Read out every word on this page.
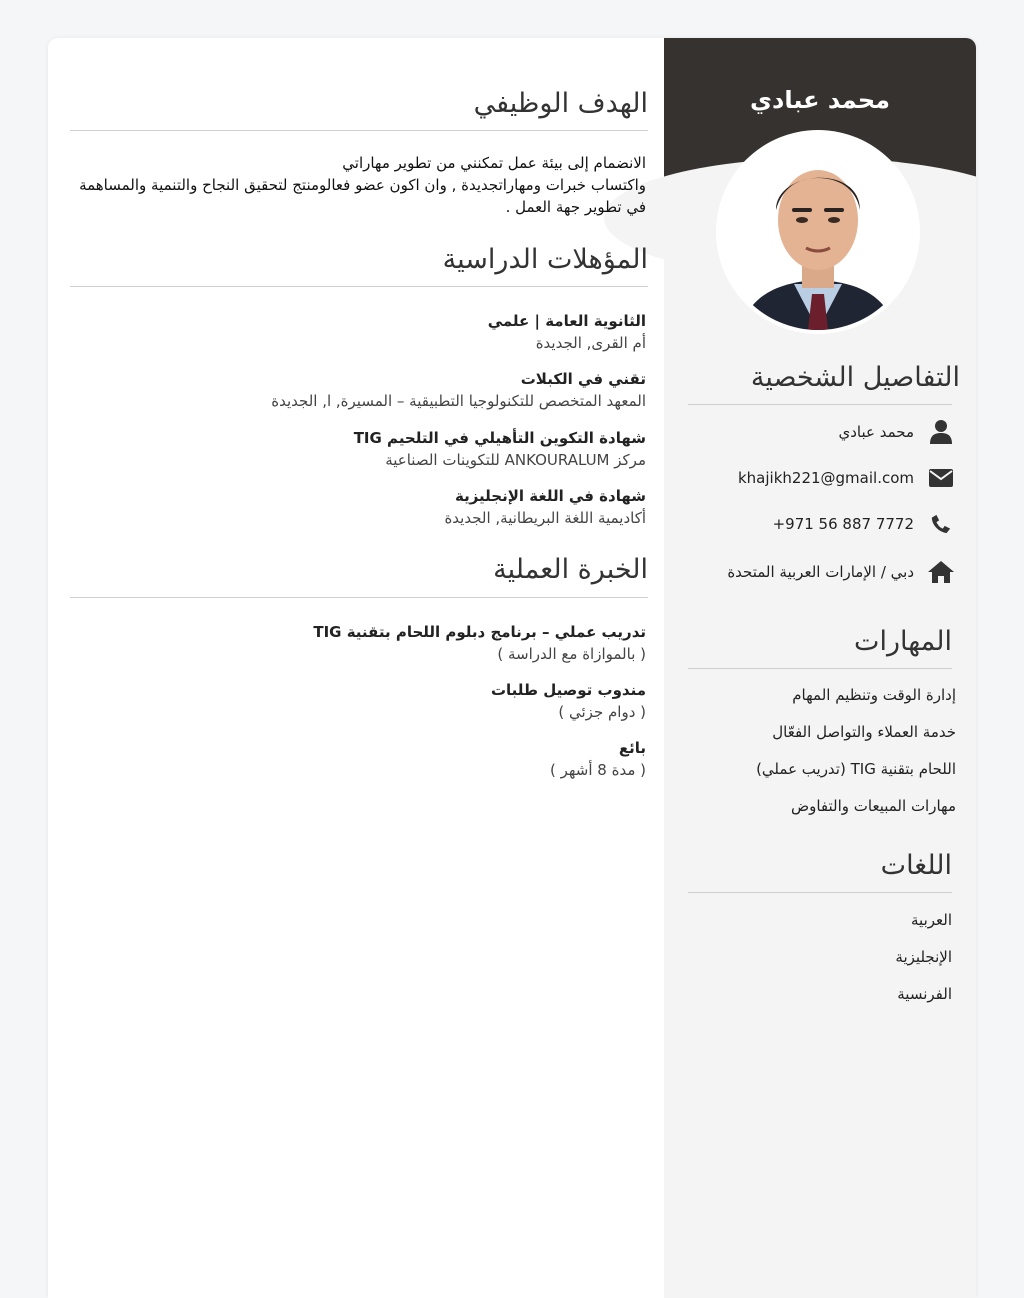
محمد عبادي
التفاصيل الشخصية
محمد عبادي
khajikh221@gmail.com
+971 56 887 7772
دبي / الإمارات العربية المتحدة
المهارات
إدارة الوقت وتنظيم المهام
خدمة العملاء والتواصل الفعّال
اللحام بتقنية TIG (تدريب عملي)
مهارات المبيعات والتفاوض
اللغات
العربية
الإنجليزية
الفرنسية
الهدف الوظيفي
الانضمام إلى بيئة عمل تمكنني من تطوير مهاراتي
واكتساب خبرات ومهاراتجديدة , وان اكون عضو فعالومنتج لتحقيق النجاح والتنمية والمساهمة
في تطوير جهة العمل .
المؤهلات الدراسية
الثانوية العامة | علمي
أم القرى, الجديدة
تقني في الكبلات
المعهد المتخصص للتكنولوجيا التطبيقية – المسيرة, ا, الجديدة
شهادة التكوين التأهيلي في التلحيم TIG
مركز ANKOURALUM للتكوينات الصناعية
شهادة في اللغة الإنجليزية
أكاديمية اللغة البريطانية, الجديدة
الخبرة العملية
تدريب عملي – برنامج دبلوم اللحام بتقنية TIG
( بالموازاة مع الدراسة )
مندوب توصيل طلبات
( دوام جزئي )
بائع
( مدة 8 أشهر )
